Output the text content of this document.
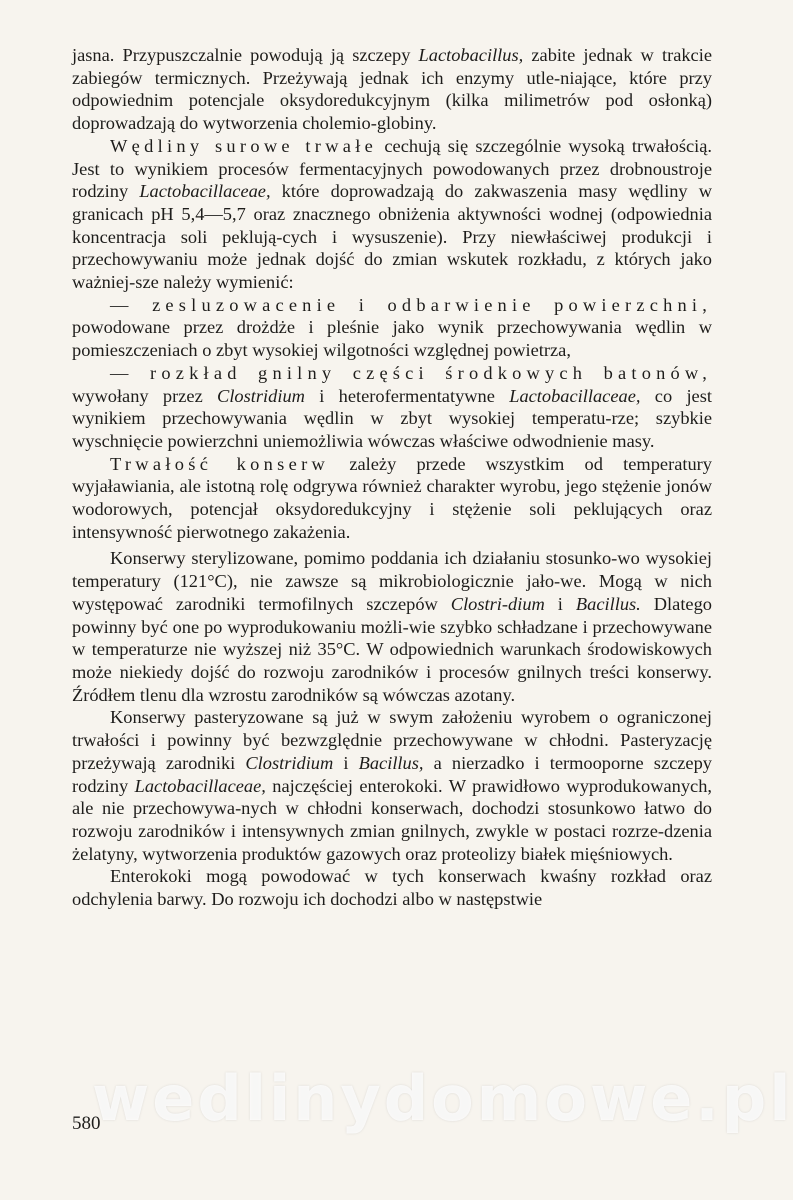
jasna. Przypuszczalnie powodują ją szczepy Lactobacillus, zabite jednak w trakcie zabiegów termicznych. Przeżywają jednak ich enzymy utle-niające, które przy odpowiednim potencjale oksydoredukcyjnym (kilka milimetrów pod osłonką) doprowadzają do wytworzenia cholemio-globiny.

Wędliny surowe trwałe cechują się szczególnie wysoką trwałością. Jest to wynikiem procesów fermentacyjnych powodowanych przez drobnoustroje rodziny Lactobacillaceae, które doprowadzają do zakwaszenia masy wędliny w granicach pH 5,4—5,7 oraz znacznego obniżenia aktywności wodnej (odpowiednia koncentracja soli peklują-cych i wysuszenie). Przy niewłaściwej produkcji i przechowywaniu może jednak dojść do zmian wskutek rozkładu, z których jako ważniej-sze należy wymienić:

— zesluzowacenie i odbarwienie powierzchni, powodowane przez drożdże i pleśnie jako wynik przechowywania wędlin w pomieszczeniach o zbyt wysokiej wilgotności względnej powietrza,

— rozkład gnilny części środkowych batonów, wywołany przez Clostridium i heterofermentatywne Lactobacillaceae, co jest wynikiem przechowywania wędlin w zbyt wysokiej temperatu-rze; szybkie wyschnięcie powierzchni uniemożliwia wówczas właściwe odwodnienie masy.

Trwałość konserw zależy przede wszystkim od temperatury wyjaławiania, ale istotną rolę odgrywa również charakter wyrobu, jego stężenie jonów wodorowych, potencjał oksydoredukcyjny i stężenie soli peklujących oraz intensywność pierwotnego zakażenia.

Konserwy sterylizowane, pomimo poddania ich działaniu stosunko-wo wysokiej temperatury (121°C), nie zawsze są mikrobiologicznie jało-we. Mogą w nich występować zarodniki termofilnych szczepów Clostri-dium i Bacillus. Dlatego powinny być one po wyprodukowaniu możli-wie szybko schładzane i przechowywane w temperaturze nie wyższej niż 35°C. W odpowiednich warunkach środowiskowych może niekiedy dojść do rozwoju zarodników i procesów gnilnych treści konserwy. Źródłem tlenu dla wzrostu zarodników są wówczas azotany.

Konserwy pasteryzowane są już w swym założeniu wyrobem o ograniczonej trwałości i powinny być bezwzględnie przechowywane w chłodni. Pasteryzację przeżywają zarodniki Clostridium i Bacillus, a nierzadko i termooporne szczepy rodziny Lactobacillaceae, najczęściej enterokoki. W prawidłowo wyprodukowanych, ale nie przechowywa-nych w chłodni konserwach, dochodzi stosunkowo łatwo do rozwoju zarodników i intensywnych zmian gnilnych, zwykle w postaci rozrze-dzenia żelatyny, wytworzenia produktów gazowych oraz proteolizy białek mięśniowych.

Enterokoki mogą powodować w tych konserwach kwaśny rozkład oraz odchylenia barwy. Do rozwoju ich dochodzi albo w następstwie

wedlinydomowe.pl
580
